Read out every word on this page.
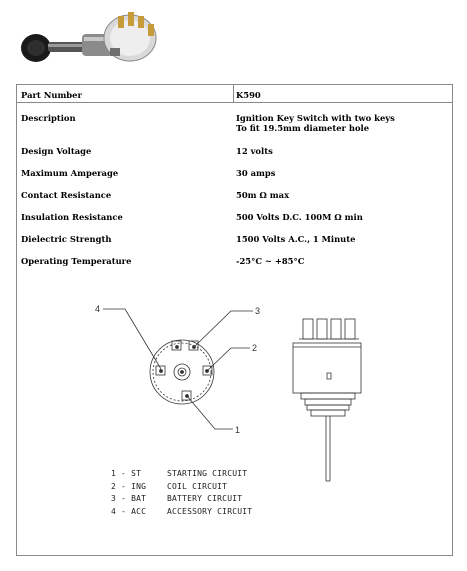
Part Number	K590
Description	Ignition Key Switch with two keys
To fit 19.5mm diameter hole
Design Voltage	12 volts
Maximum Amperage	30 amps
Contact Resistance	50m Ω max
Insulation Resistance	500 Volts D.C. 100M Ω min
Dielectric Strength	1500 Volts A.C., 1 Minute
Operating Temperature	-25°C ~ +85°C
4	3
2
1
1 - ST	STARTING CIRCUIT
2 - ING	COIL CIRCUIT
3 - BAT	BATTERY CIRCUIT
4 - ACC	ACCESSORY CIRCUIT
